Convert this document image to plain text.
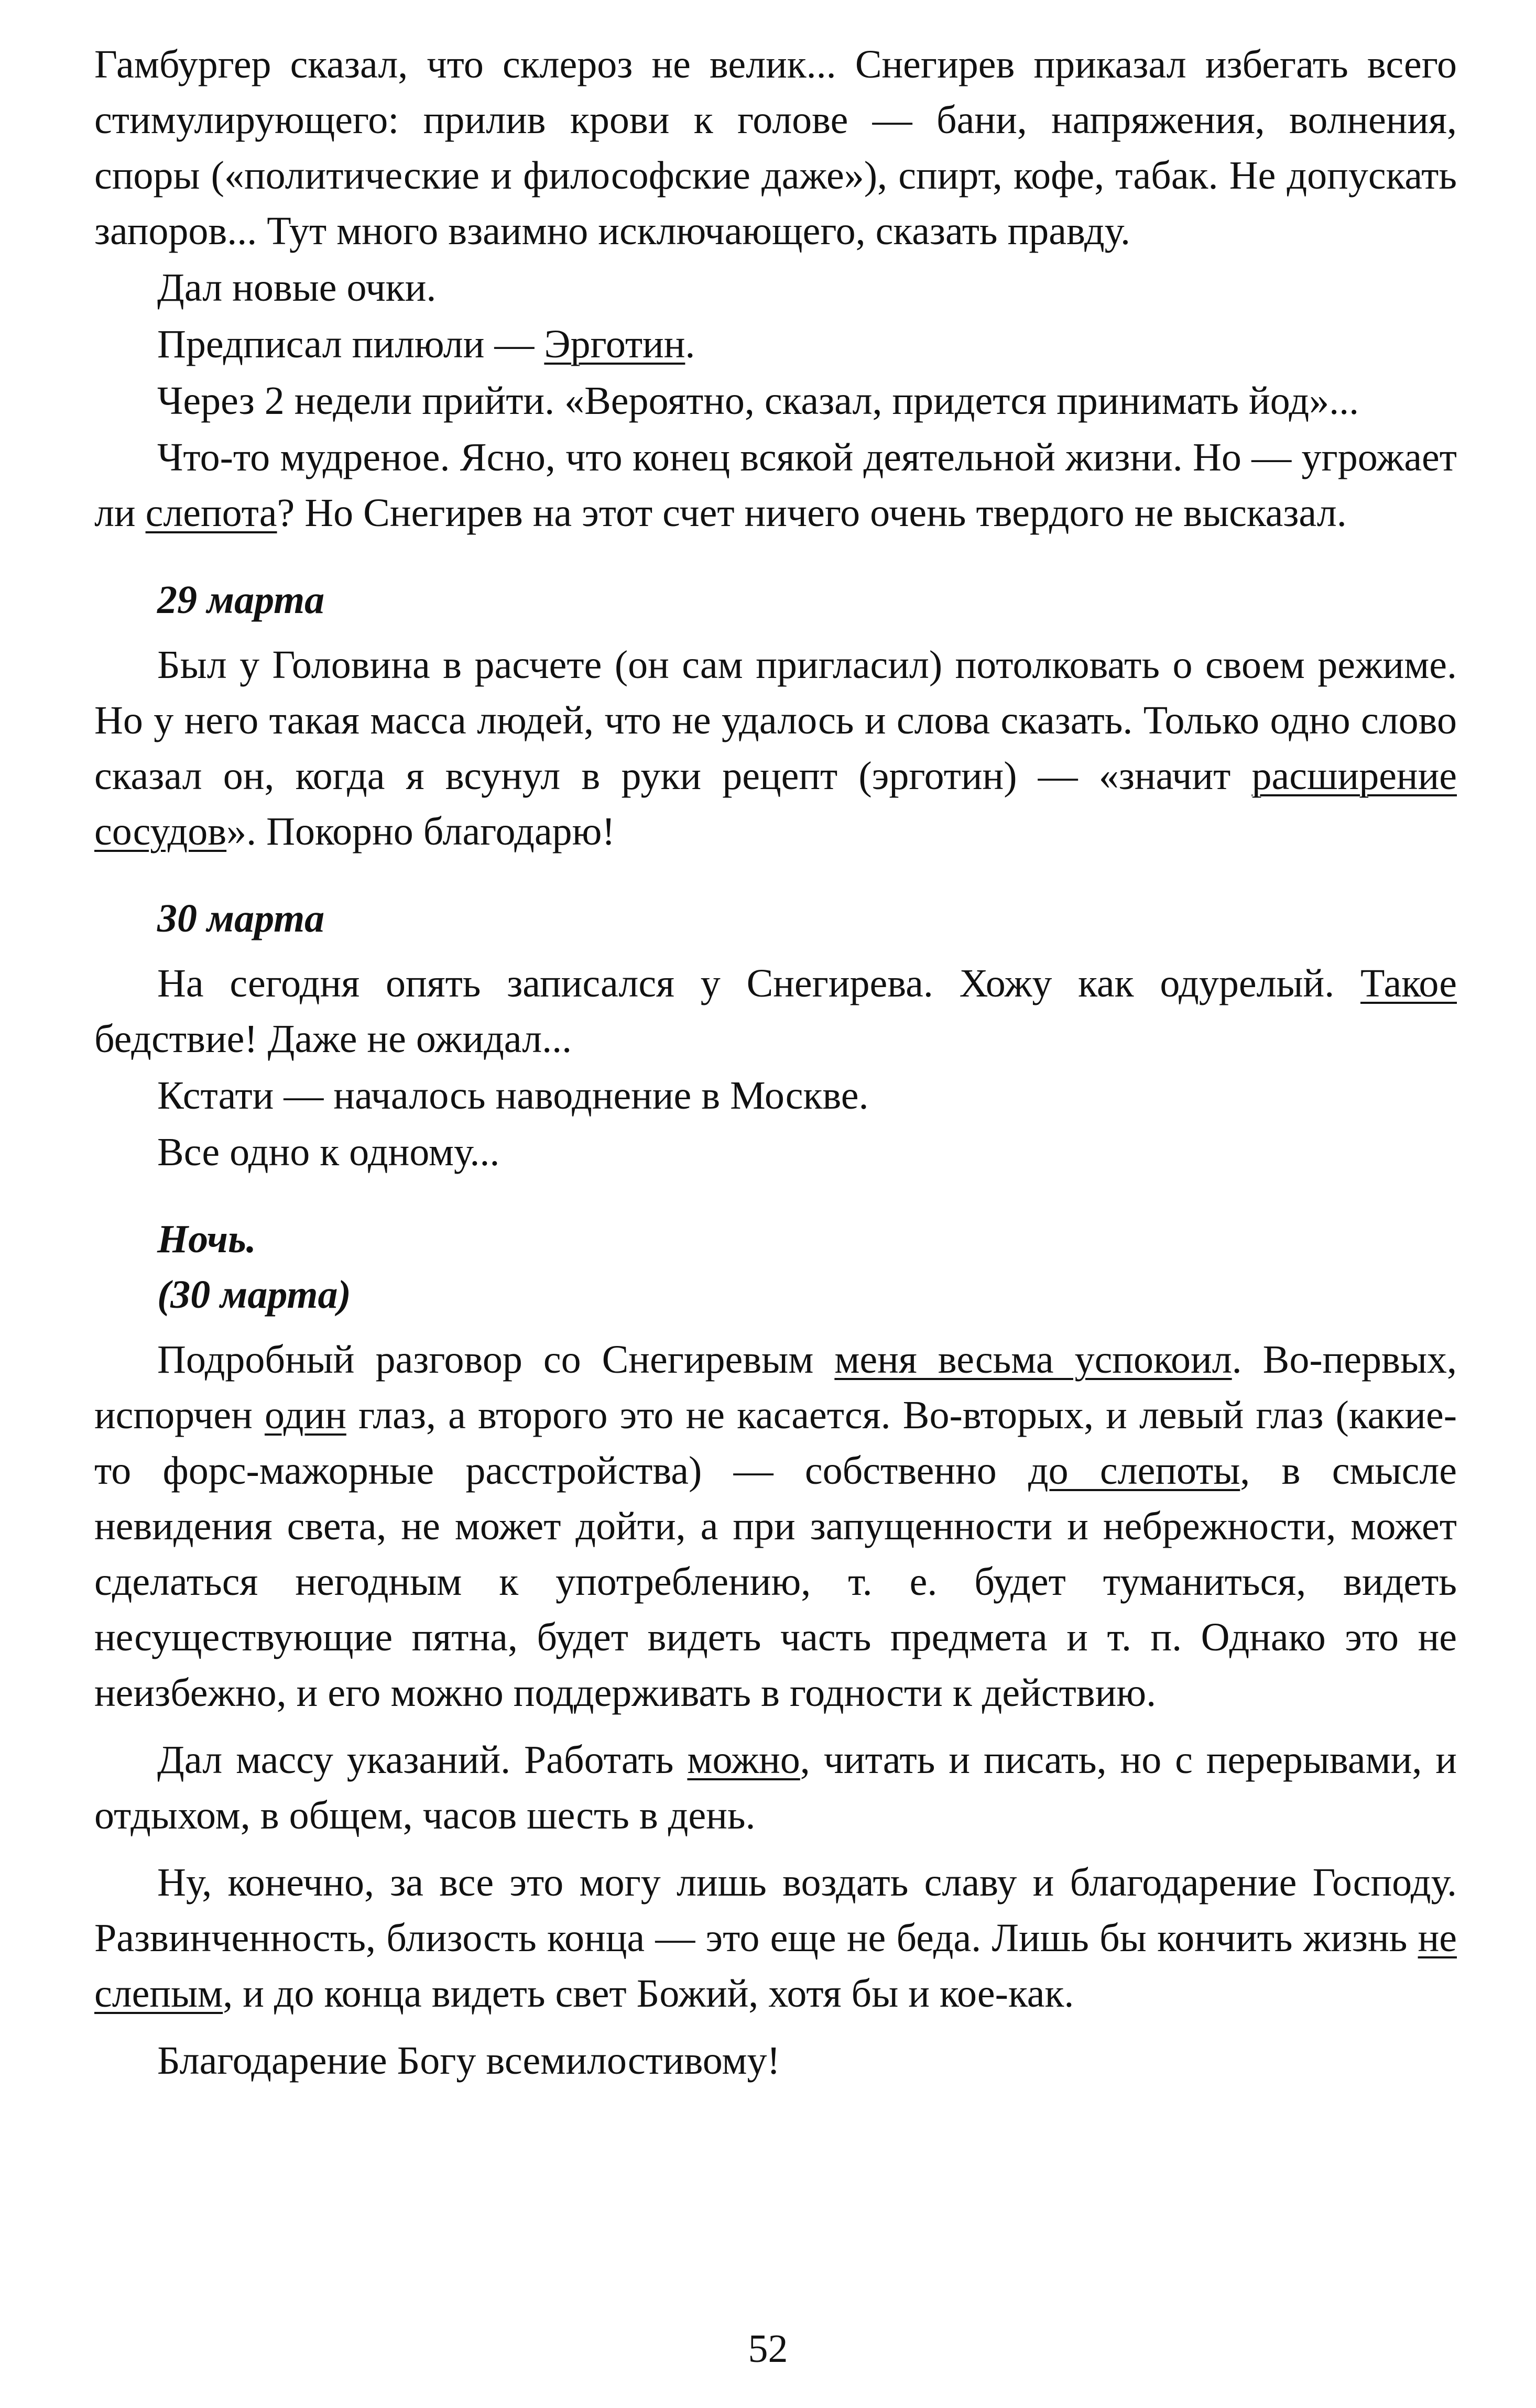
Гамбургер сказал, что склероз не велик... Снегирев приказал избегать всего стимулирующего: прилив крови к голове — бани, напряжения, волнения, споры («политические и философские даже»), спирт, кофе, табак. Не допускать запоров... Тут много взаимно исключающего, сказать правду.

Дал новые очки.

Предписал пилюли — Эрготин.

Через 2 недели прийти. «Вероятно, сказал, придется принимать йод»...

Что-то мудреное. Ясно, что конец всякой деятельной жизни. Но — угрожает ли слепота? Но Снегирев на этот счет ничего очень твердого не высказал.

29 марта

Был у Головина в расчете (он сам пригласил) потолковать о своем режиме. Но у него такая масса людей, что не удалось и слова сказать. Только одно слово сказал он, когда я всунул в руки рецепт (эрготин) — «значит расширение сосудов». Покорно благодарю!

30 марта

На сегодня опять записался у Снегирева. Хожу как одурелый. Такое бедствие! Даже не ожидал...

Кстати — началось наводнение в Москве.

Все одно к одному...

Ночь.

(30 марта)

Подробный разговор со Снегиревым меня весьма успокоил. Во-первых, испорчен один глаз, а второго это не касается. Во-вторых, и левый глаз (какие-то форс-мажорные расстройства) — собственно до слепоты, в смысле невидения света, не может дойти, а при запущенности и небрежности, может сделаться негодным к употреблению, т. е. будет туманиться, видеть несуществующие пятна, будет видеть часть предмета и т. п. Однако это не неизбежно, и его можно поддерживать в годности к действию.

Дал массу указаний. Работать можно, читать и писать, но с перерывами, и отдыхом, в общем, часов шесть в день.

Ну, конечно, за все это могу лишь воздать славу и благодарение Господу. Развинченность, близость конца — это еще не беда. Лишь бы кончить жизнь не слепым, и до конца видеть свет Божий, хотя бы и кое-как.

Благодарение Богу всемилостивому!

52
